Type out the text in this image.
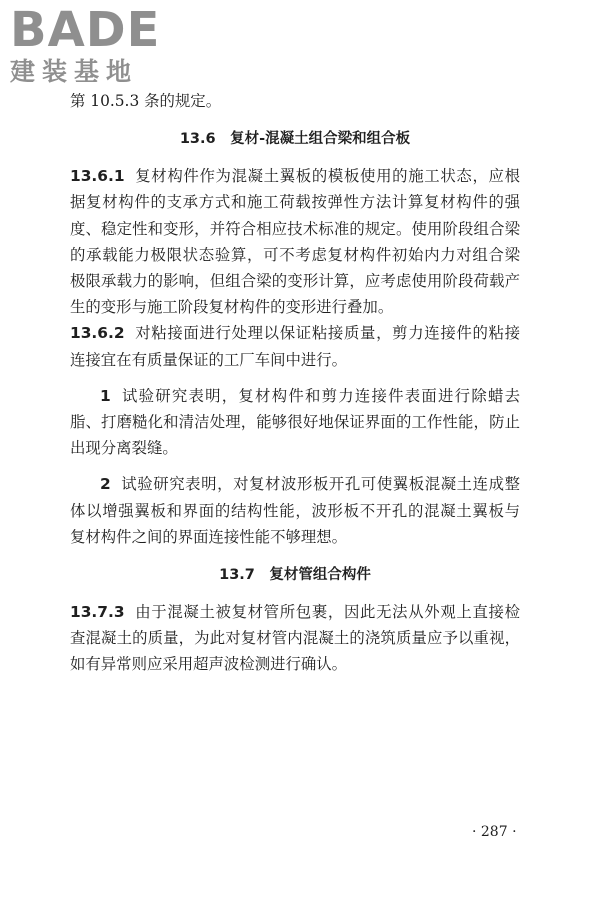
BADE
建装基地
第 10.5.3 条的规定。
13.6　复材-混凝土组合梁和组合板
13.6.1 复材构件作为混凝土翼板的模板使用的施工状态，应根
据复材构件的支承方式和施工荷载按弹性方法计算复材构件的强
度、稳定性和变形，并符合相应技术标准的规定。使用阶段组合梁
的承载能力极限状态验算，可不考虑复材构件初始内力对组合梁
极限承载力的影响，但组合梁的变形计算，应考虑使用阶段荷载产
生的变形与施工阶段复材构件的变形进行叠加。
13.6.2 对粘接面进行处理以保证粘接质量，剪力连接件的粘接
连接宜在有质量保证的工厂车间中进行。
1 试验研究表明，复材构件和剪力连接件表面进行除蜡去
脂、打磨糙化和清洁处理，能够很好地保证界面的工作性能，防止
出现分离裂缝。
2 试验研究表明，对复材波形板开孔可使翼板混凝土连成整
体以增强翼板和界面的结构性能，波形板不开孔的混凝土翼板与
复材构件之间的界面连接性能不够理想。
13.7　复材管组合构件
13.7.3 由于混凝土被复材管所包裹，因此无法从外观上直接检
查混凝土的质量，为此对复材管内混凝土的浇筑质量应予以重视，
如有异常则应采用超声波检测进行确认。
· 287 ·
